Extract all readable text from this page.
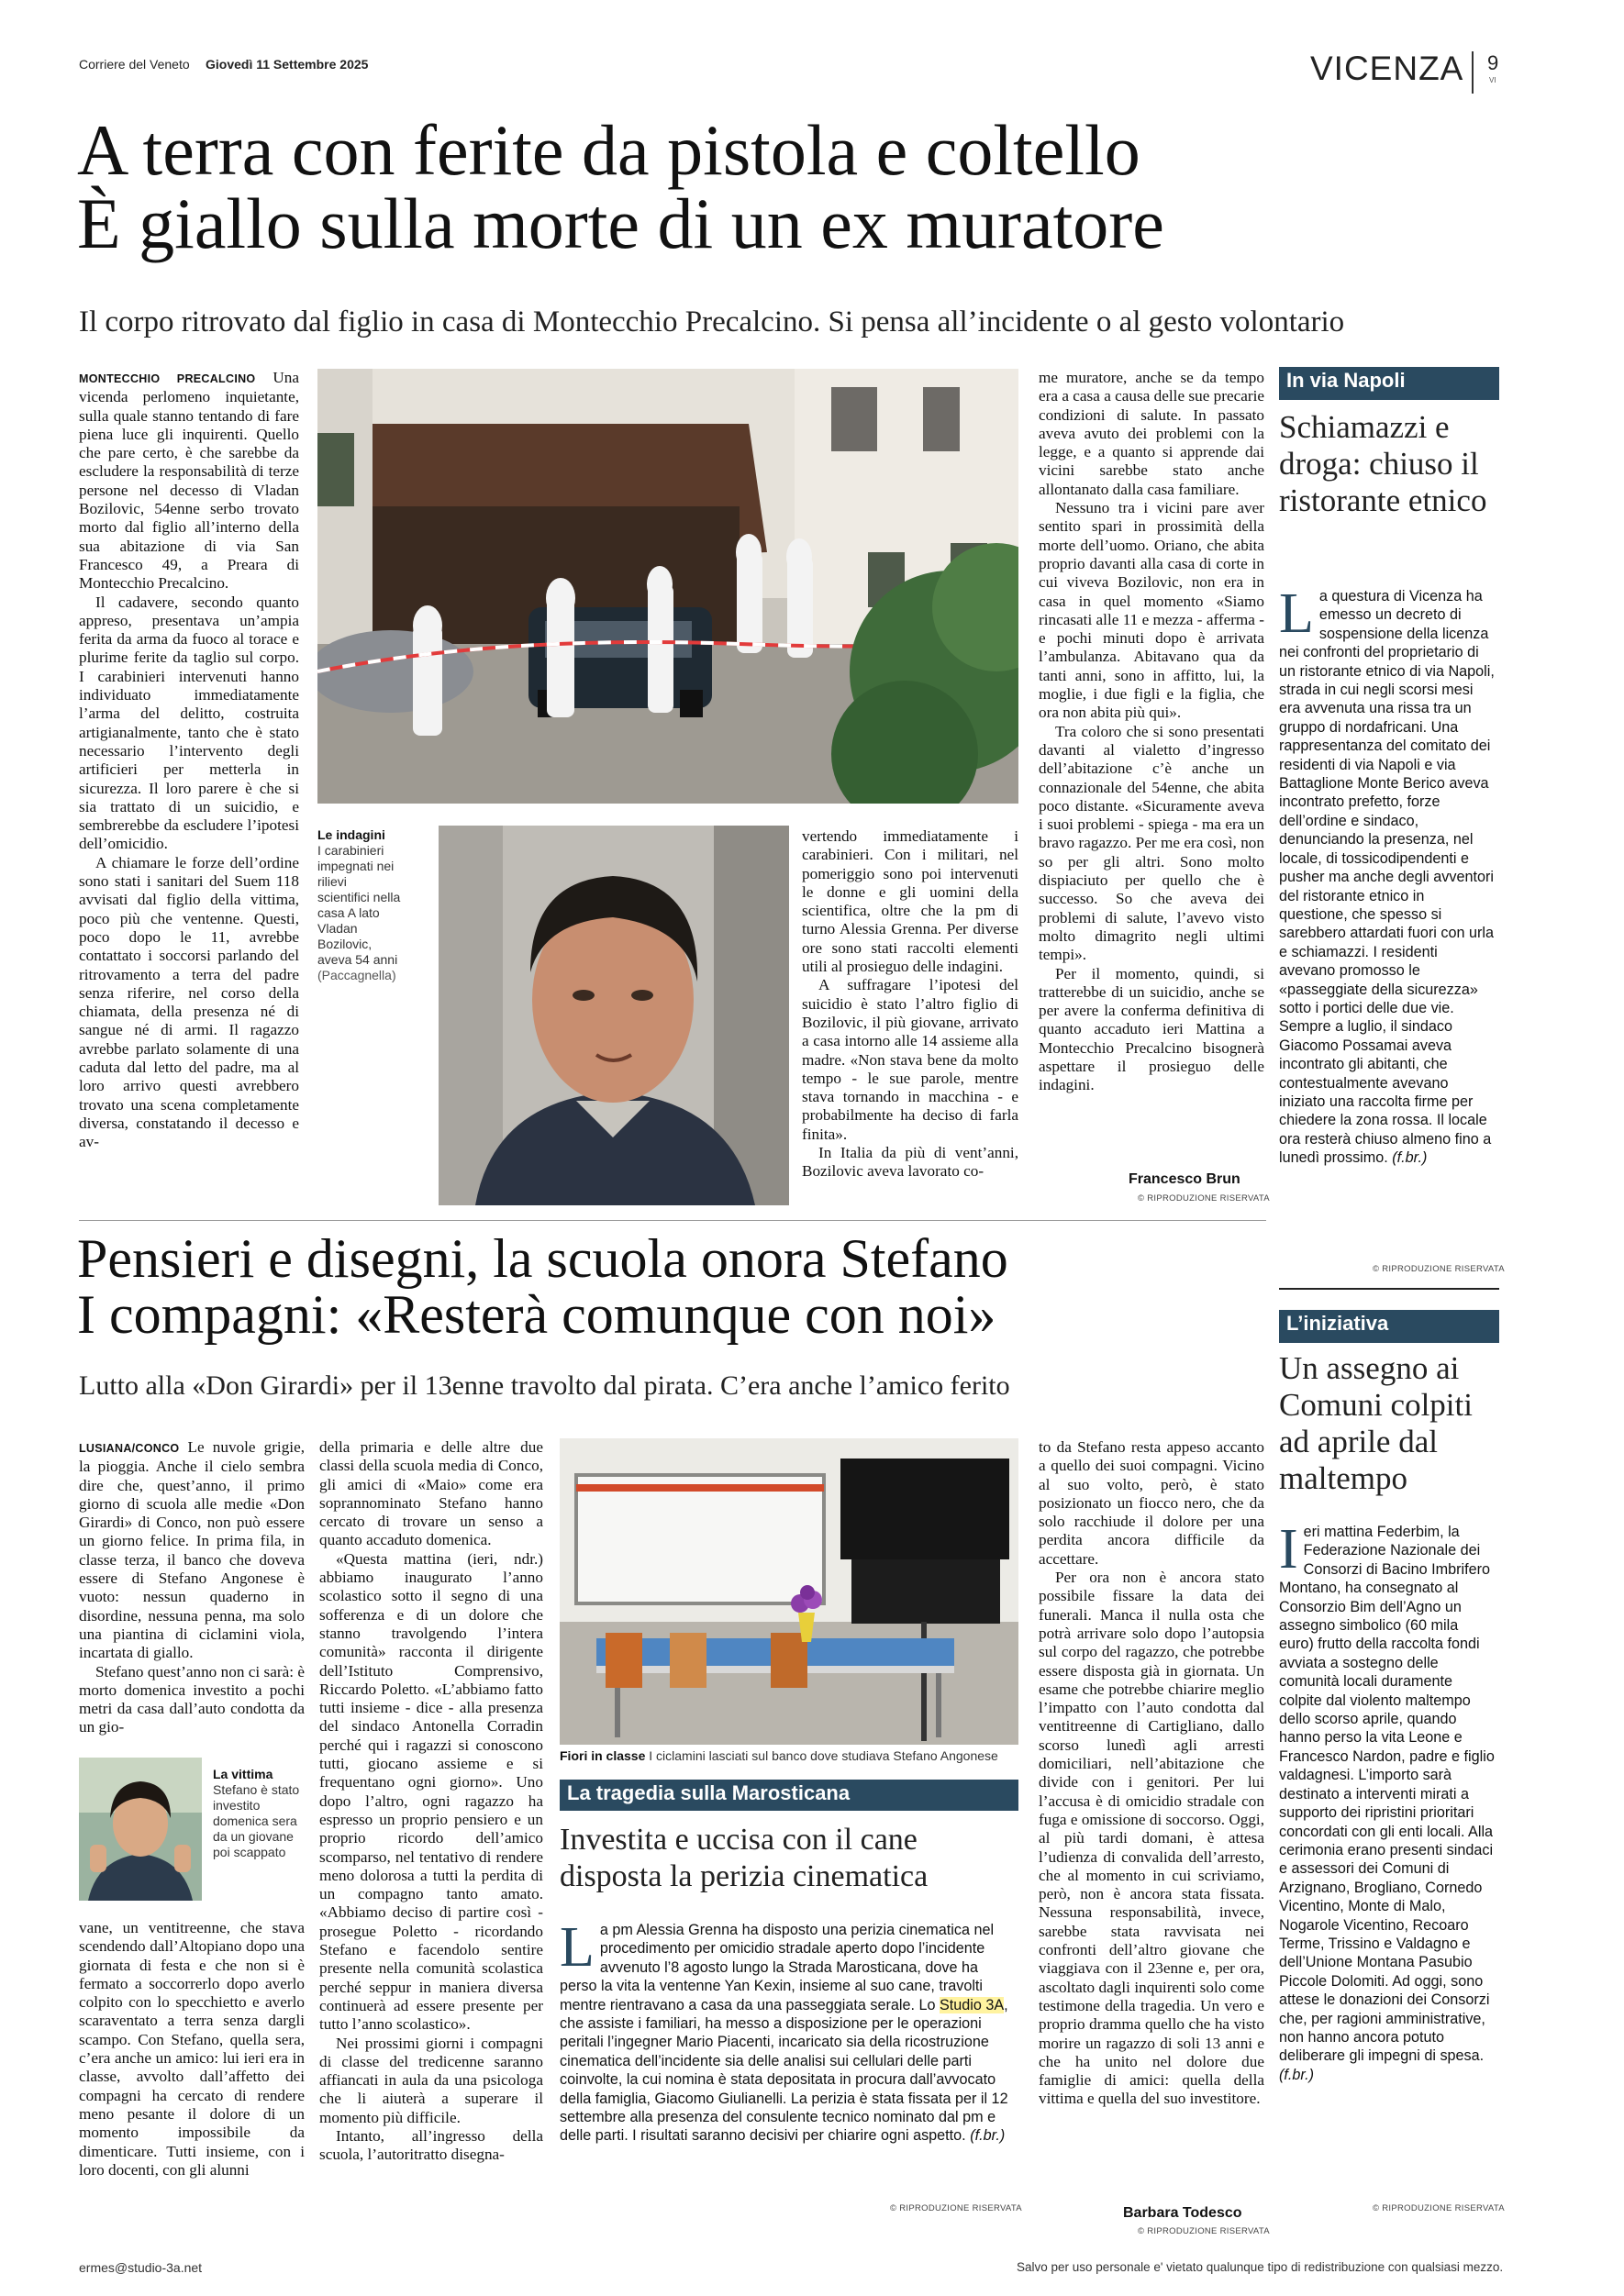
Corriere del Veneto Giovedì 11 Settembre 2025	VICENZA 9
VI
A terra con ferite da pistola e coltello
È giallo sulla morte di un ex muratore
Il corpo ritrovato dal figlio in casa di Montecchio Precalcino. Si pensa all’incidente o al gesto volontario

MONTECCHIO PRECALCINO Una vicenda perlomeno inquietante, sulla quale stanno tentando di fare piena luce gli inquirenti. Quello che pare certo, è che sarebbe da escludere la responsabilità di terze persone nel decesso di Vladan Bozilovic, 54enne serbo trovato morto dal figlio all’interno della sua abitazione di via San Francesco 49, a Preara di Montecchio Precalcino.

Il cadavere, secondo quanto appreso, presentava un’ampia ferita da arma da fuoco al torace e plurime ferite da taglio sul corpo. I carabinieri intervenuti hanno individuato immediatamente l’arma del delitto, costruita artigianalmente, tanto che è stato necessario l’intervento degli artificieri per metterla in sicurezza. Il loro parere è che si sia trattato di un suicidio, e sembrerebbe da escludere l’ipotesi dell’omicidio.

A chiamare le forze dell’ordine sono stati i sanitari del Suem 118 avvisati dal figlio della vittima, poco più che ventenne. Questi, poco dopo le 11, avrebbe contattato i soccorsi parlando del ritrovamento a terra del padre senza riferire, nel corso della chiamata, della presenza né di sangue né di armi. Il ragazzo avrebbe parlato solamente di una caduta dal letto del padre, ma al loro arrivo questi avrebbero trovato una scena completamente diversa, constatando il decesso e av-

Le indagini
I carabinieri impegnati nei rilievi scientifici nella casa A lato Vladan Bozilovic, aveva 54 anni
(Paccagnella)

vertendo immediatamente i carabinieri. Con i militari, nel pomeriggio sono poi intervenuti le donne e gli uomini della scientifica, oltre che la pm di turno Alessia Grenna. Per diverse ore sono stati raccolti elementi utili al prosieguo delle indagini.

A suffragare l’ipotesi del suicidio è stato l’altro figlio di Bozilovic, il più giovane, arrivato a casa intorno alle 14 assieme alla madre. «Non stava bene da molto tempo - le sue parole, mentre stava tornando in macchina - e probabilmente ha deciso di farla finita».

In Italia da più di vent’anni, Bozilovic aveva lavorato co-

me muratore, anche se da tempo era a casa a causa delle sue precarie condizioni di salute. In passato aveva avuto dei problemi con la legge, e a quanto si apprende dai vicini sarebbe stato anche allontanato dalla casa familiare.

Nessuno tra i vicini pare aver sentito spari in prossimità della morte dell’uomo. Oriano, che abita proprio davanti alla casa di corte in cui viveva Bozilovic, non era in casa in quel momento «Siamo rincasati alle 11 e mezza - afferma - e pochi minuti dopo è arrivata l’ambulanza. Abitavano qua da tanti anni, sono in affitto, lui, la moglie, i due figli e la figlia, che ora non abita più qui».

Tra coloro che si sono presentati davanti al vialetto d’ingresso dell’abitazione c’è anche un connazionale del 54enne, che abita poco distante. «Sicuramente aveva i suoi problemi - spiega - ma era un bravo ragazzo. Per me era così, non so per gli altri. Sono molto dispiaciuto per quello che è successo. So che aveva dei problemi di salute, l’avevo visto molto dimagrito negli ultimi tempi».

Per il momento, quindi, si tratterebbe di un suicidio, anche se per avere la conferma definitiva di quanto accaduto ieri Mattina a Montecchio Precalcino bisognerà aspettare il prosieguo delle indagini.

Francesco Brun
© RIPRODUZIONE RISERVATA
In via Napoli
Schiamazzi e droga: chiuso il ristorante etnico
La questura di Vicenza ha emesso un decreto di sospensione della licenza nei confronti del proprietario di un ristorante etnico di via Napoli, strada in cui negli scorsi mesi era avvenuta una rissa tra un gruppo di nordafricani. Una rappresentanza del comitato dei residenti di via Napoli e via Battaglione Monte Berico aveva incontrato prefetto, forze dell’ordine e sindaco, denunciando la presenza, nel locale, di tossicodipendenti e pusher ma anche degli avventori del ristorante etnico in questione, che spesso si sarebbero attardati fuori con urla e schiamazzi. I residenti avevano promosso le «passeggiate della sicurezza» sotto i portici delle due vie. Sempre a luglio, il sindaco Giacomo Possamai aveva incontrato gli abitanti, che contestualmente avevano iniziato una raccolta firme per chiedere la zona rossa. Il locale ora resterà chiuso almeno fino a lunedì prossimo. (f.br.)
© RIPRODUZIONE RISERVATA
Pensieri e disegni, la scuola onora Stefano
I compagni: «Resterà comunque con noi»
Lutto alla «Don Girardi» per il 13enne travolto dal pirata. C’era anche l’amico ferito

LUSIANA/CONCO Le nuvole grigie, la pioggia. Anche il cielo sembra dire che, quest’anno, il primo giorno di scuola alle medie «Don Girardi» di Conco, non può essere un giorno felice. In prima fila, in classe terza, il banco che doveva essere di Stefano Angonese è vuoto: nessun quaderno in disordine, nessuna penna, ma solo una piantina di ciclamini viola, incartata di giallo.

Stefano quest’anno non ci sarà: è morto domenica investito a pochi metri da casa dall’auto condotta da un gio-

La vittima
Stefano è stato investito domenica sera da un giovane poi scappato

vane, un ventitreenne, che stava scendendo dall’Altopiano dopo una giornata di festa e che non si è fermato a soccorrerlo dopo averlo colpito con lo specchietto e averlo scaraventato a terra senza dargli scampo. Con Stefano, quella sera, c’era anche un amico: lui ieri era in classe, avvolto dall’affetto dei compagni ha cercato di rendere meno pesante il dolore di un momento impossibile da dimenticare. Tutti insieme, con i loro docenti, con gli alunni

della primaria e delle altre due classi della scuola media di Conco, gli amici di «Maio» come era soprannominato Stefano hanno cercato di trovare un senso a quanto accaduto domenica.

«Questa mattina (ieri, ndr.) abbiamo inaugurato l’anno scolastico sotto il segno di una sofferenza e di un dolore che stanno travolgendo l’intera comunità» racconta il dirigente dell’Istituto Comprensivo, Riccardo Poletto. «L’abbiamo fatto tutti insieme - dice - alla presenza del sindaco Antonella Corradin perché qui i ragazzi si conoscono tutti, giocano assieme e si frequentano ogni giorno». Uno dopo l’altro, ogni ragazzo ha espresso un proprio pensiero e un proprio ricordo dell’amico scomparso, nel tentativo di rendere meno dolorosa a tutti la perdita di un compagno tanto amato. «Abbiamo deciso di partire così - prosegue Poletto - ricordando Stefano e facendolo sentire presente nella comunità scolastica perché seppur in maniera diversa continuerà ad essere presente per tutto l’anno scolastico».

Nei prossimi giorni i compagni di classe del tredicenne saranno affiancati in aula da una psicologa che li aiuterà a superare il momento più difficile.

Intanto, all’ingresso della scuola, l’autoritratto disegna-

Fiori in classe I ciclamini lasciati sul banco dove studiava Stefano Angonese
La tragedia sulla Marosticana
Investita e uccisa con il cane disposta la perizia cinematica
La pm Alessia Grenna ha disposto una perizia cinematica nel procedimento per omicidio stradale aperto dopo l’incidente avvenuto l’8 agosto lungo la Strada Marosticana, dove ha perso la vita la ventenne Yan Kexin, insieme al suo cane, travolti mentre rientravano a casa da una passeggiata serale. Lo Studio 3A, che assiste i familiari, ha messo a disposizione per le operazioni peritali l’ingegner Mario Piacenti, incaricato sia della ricostruzione cinematica dell’incidente sia delle analisi sui cellulari delle parti coinvolte, la cui nomina è stata depositata in procura dall’avvocato della famiglia, Giacomo Giulianelli. La perizia è stata fissata per il 12 settembre alla presenza del consulente tecnico nominato dal pm e delle parti. I risultati saranno decisivi per chiarire ogni aspetto. (f.br.)
© RIPRODUZIONE RISERVATA

to da Stefano resta appeso accanto a quello dei suoi compagni. Vicino al suo volto, però, è stato posizionato un fiocco nero, che da solo racchiude il dolore per una perdita ancora difficile da accettare.

Per ora non è ancora stato possibile fissare la data dei funerali. Manca il nulla osta che potrà arrivare solo dopo l’autopsia sul corpo del ragazzo, che potrebbe essere disposta già in giornata. Un esame che potrebbe chiarire meglio l’impatto con l’auto condotta dal ventitreenne di Cartigliano, dallo scorso lunedì agli arresti domiciliari, nell’abitazione che divide con i genitori. Per lui l’accusa è di omicidio stradale con fuga e omissione di soccorso. Oggi, al più tardi domani, è attesa l’udienza di convalida dell’arresto, che al momento in cui scriviamo, però, non è ancora stata fissata. Nessuna responsabilità, invece, sarebbe stata ravvisata nei confronti dell’altro giovane che viaggiava con il 23enne e, per ora, ascoltato dagli inquirenti solo come testimone della tragedia. Un vero e proprio dramma quello che ha visto morire un ragazzo di soli 13 anni e che ha unito nel dolore due famiglie di amici: quella della vittima e quella del suo investitore.

Barbara Todesco
© RIPRODUZIONE RISERVATA
L’iniziativa
Un assegno ai Comuni colpiti ad aprile dal maltempo
Ieri mattina Federbim, la Federazione Nazionale dei Consorzi di Bacino Imbrifero Montano, ha consegnato al Consorzio Bim dell’Agno un assegno simbolico (60 mila euro) frutto della raccolta fondi avviata a sostegno delle comunità locali duramente colpite dal violento maltempo dello scorso aprile, quando hanno perso la vita Leone e Francesco Nardon, padre e figlio valdagnesi. L’importo sarà destinato a interventi mirati a supporto dei ripristini prioritari concordati con gli enti locali. Alla cerimonia erano presenti sindaci e assessori dei Comuni di Arzignano, Brogliano, Cornedo Vicentino, Monte di Malo, Nogarole Vicentino, Recoaro Terme, Trissino e Valdagno e dell’Unione Montana Pasubio Piccole Dolomiti. Ad oggi, sono attese le donazioni dei Consorzi che, per ragioni amministrative, non hanno ancora potuto deliberare gli impegni di spesa. (f.br.)
© RIPRODUZIONE RISERVATA
ermes@studio-3a.net	Salvo per uso personale e' vietato qualunque tipo di redistribuzione con qualsiasi mezzo.
